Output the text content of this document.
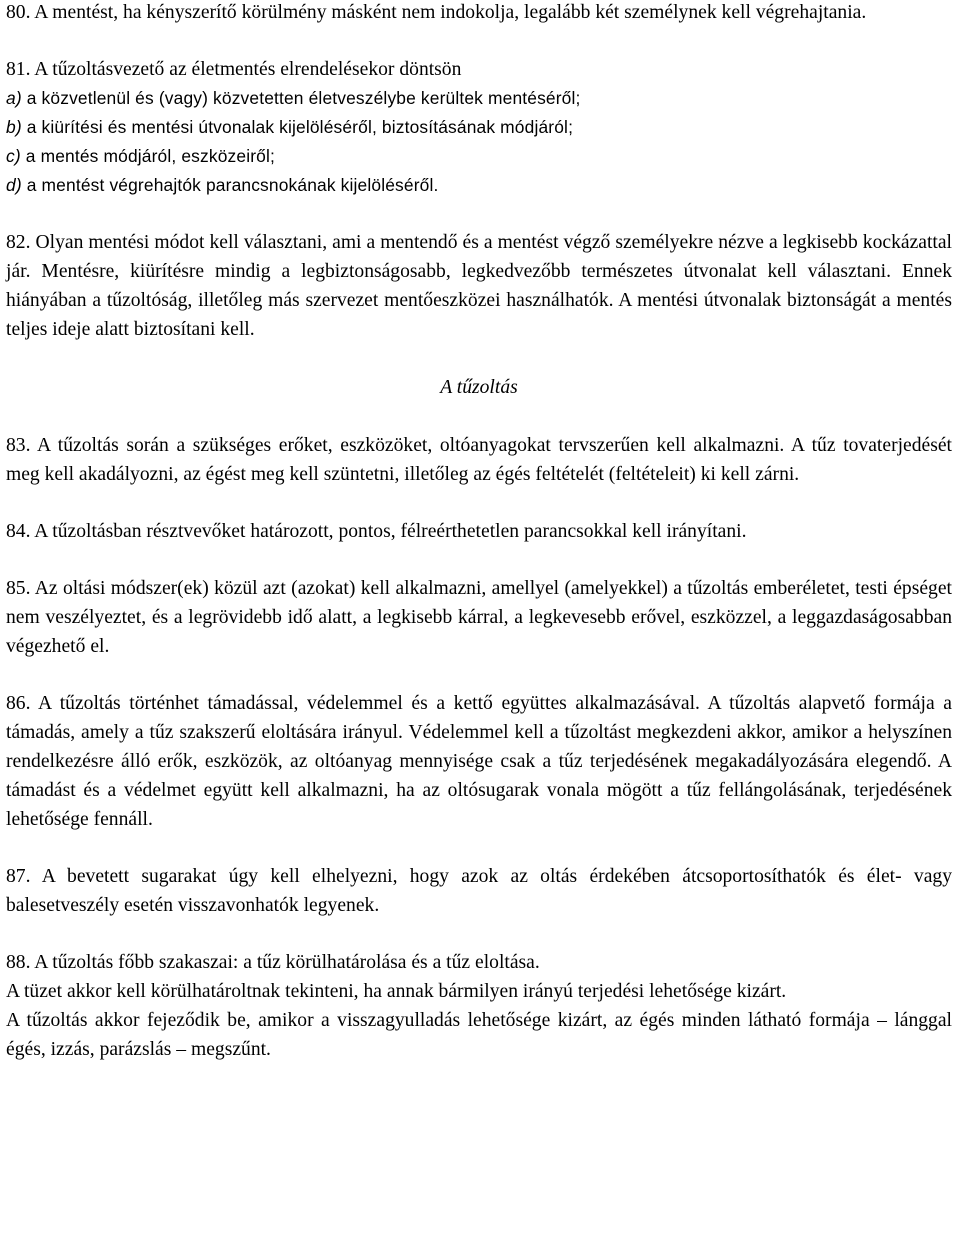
80. A mentést, ha kényszerítő körülmény másként nem indokolja, legalább két személynek kell végrehajtania.

81. A tűzoltásvezető az életmentés elrendelésekor döntsön

a) a közvetlenül és (vagy) közvetetten életveszélybe kerültek mentéséről;

b) a kiürítési és mentési útvonalak kijelöléséről, biztosításának módjáról;

c) a mentés módjáról, eszközeiről;

d) a mentést végrehajtók parancsnokának kijelöléséről.

82. Olyan mentési módot kell választani, ami a mentendő és a mentést végző személyekre nézve a legkisebb kockázattal jár. Mentésre, kiürítésre mindig a legbiztonságosabb, legkedvezőbb természetes útvonalat kell választani. Ennek hiányában a tűzoltóság, illetőleg más szervezet mentőeszközei használhatók. A mentési útvonalak biztonságát a mentés teljes ideje alatt biztosítani kell.

A tűzoltás

83. A tűzoltás során a szükséges erőket, eszközöket, oltóanyagokat tervszerűen kell alkalmazni. A tűz tovaterjedését meg kell akadályozni, az égést meg kell szüntetni, illetőleg az égés feltételét (feltételeit) ki kell zárni.

84. A tűzoltásban résztvevőket határozott, pontos, félreérthetetlen parancsokkal kell irányítani.

85. Az oltási módszer(ek) közül azt (azokat) kell alkalmazni, amellyel (amelyekkel) a tűzoltás emberéletet, testi épséget nem veszélyeztet, és a legrövidebb idő alatt, a legkisebb kárral, a legkevesebb erővel, eszközzel, a leggazdaságosabban végezhető el.

86. A tűzoltás történhet támadással, védelemmel és a kettő együttes alkalmazásával. A tűzoltás alapvető formája a támadás, amely a tűz szakszerű eloltására irányul. Védelemmel kell a tűzoltást megkezdeni akkor, amikor a helyszínen rendelkezésre álló erők, eszközök, az oltóanyag mennyisége csak a tűz terjedésének megakadályozására elegendő. A támadást és a védelmet együtt kell alkalmazni, ha az oltósugarak vonala mögött a tűz fellángolásának, terjedésének lehetősége fennáll.

87. A bevetett sugarakat úgy kell elhelyezni, hogy azok az oltás érdekében átcsoportosíthatók és élet- vagy balesetveszély esetén visszavonhatók legyenek.

88. A tűzoltás főbb szakaszai: a tűz körülhatárolása és a tűz eloltása.

A tüzet akkor kell körülhatároltnak tekinteni, ha annak bármilyen irányú terjedési lehetősége kizárt.

A tűzoltás akkor fejeződik be, amikor a visszagyulladás lehetősége kizárt, az égés minden látható formája – lánggal égés, izzás, parázslás – megszűnt.
